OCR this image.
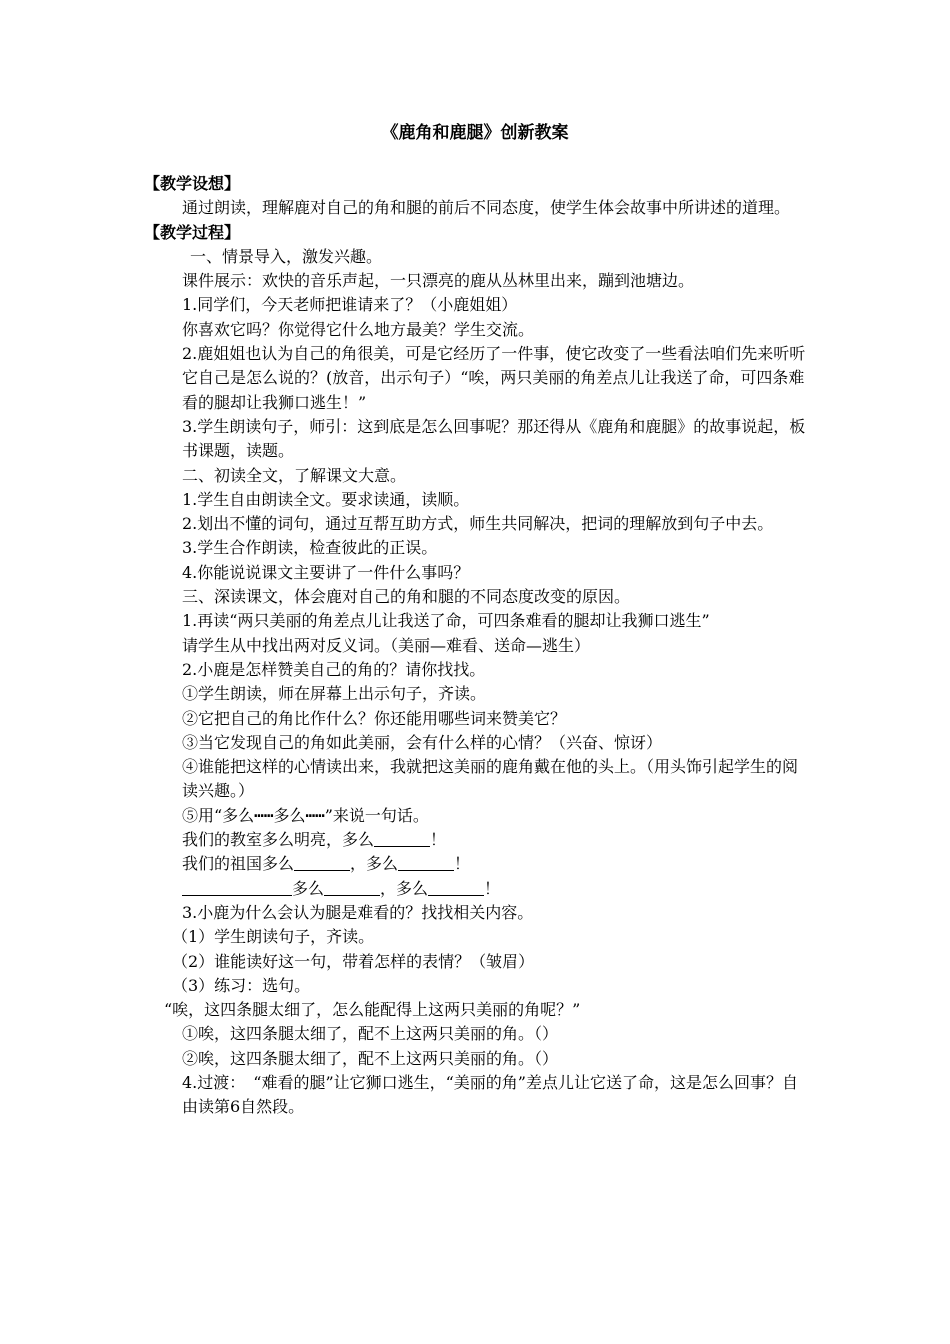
《鹿角和鹿腿》创新教案

【教学设想】

通过朗读，理解鹿对自己的角和腿的前后不同态度，使学生体会故事中所讲述的道理。

【教学过程】

一、情景导入，激发兴趣。

课件展示：欢快的音乐声起，一只漂亮的鹿从丛林里出来，蹦到池塘边。

1.同学们，今天老师把谁请来了？（小鹿姐姐）

你喜欢它吗？你觉得它什么地方最美？学生交流。

2.鹿姐姐也认为自己的角很美，可是它经历了一件事，使它改变了一些看法咱们先来听听它自己是怎么说的？(放音，出示句子）“唉，两只美丽的角差点儿让我送了命，可四条难看的腿却让我狮口逃生！”

3.学生朗读句子，师引：这到底是怎么回事呢？那还得从《鹿角和鹿腿》的故事说起，板书课题，读题。

二、初读全文，了解课文大意。

1.学生自由朗读全文。要求读通，读顺。

2.划出不懂的词句，通过互帮互助方式，师生共同解决，把词的理解放到句子中去。

3.学生合作朗读，检查彼此的正误。

4.你能说说课文主要讲了一件什么事吗？

三、深读课文，体会鹿对自己的角和腿的不同态度改变的原因。

1.再读“两只美丽的角差点儿让我送了命，可四条难看的腿却让我狮口逃生”

请学生从中找出两对反义词。（美丽—难看、送命—逃生）

2.小鹿是怎样赞美自己的角的？请你找找。

①学生朗读，师在屏幕上出示句子，齐读。

②它把自己的角比作什么？你还能用哪些词来赞美它？

③当它发现自己的角如此美丽，会有什么样的心情？（兴奋、惊讶）

④谁能把这样的心情读出来，我就把这美丽的鹿角戴在他的头上。（用头饰引起学生的阅读兴趣。）

⑤用“多么┅┅多么┅┅”来说一句话。

我们的教室多么明亮，多么	！

我们的祖国多么	，多么	！

多么	，多么	！

3.小鹿为什么会认为腿是难看的？找找相关内容。

（1）学生朗读句子，齐读。

（2）谁能读好这一句，带着怎样的表情？（皱眉）

（3）练习：选句。

“唉，这四条腿太细了，怎么能配得上这两只美丽的角呢？”

①唉，这四条腿太细了，配不上这两只美丽的角。（）

②唉，这四条腿太细了，配不上这两只美丽的角。（）

4.过渡：　“难看的腿”让它狮口逃生，“美丽的角”差点儿让它送了命，这是怎么回事？自由读第6自然段。
